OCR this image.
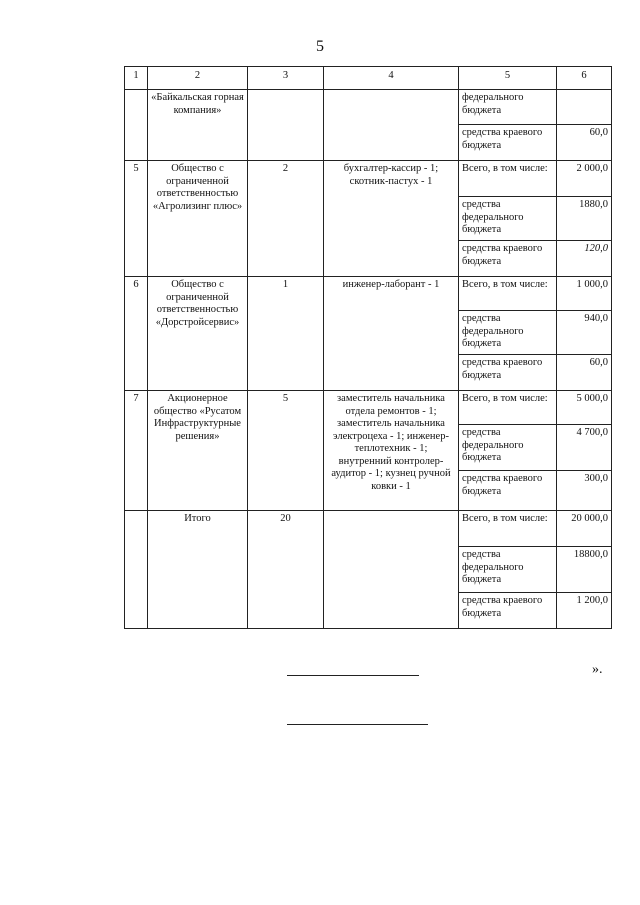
5
1	2	3	4	5	6
	«Байкальская горная компания»			федерального бюджета	
				средства краевого бюджета	60,0
5	Общество с ограниченной ответственностью «Агролизинг плюс»	2	бухгалтер-кассир - 1; скотник-пастух - 1	Всего, в том числе:	2 000,0
				средства федерального бюджета	1880,0
				средства краевого бюджета	120,0
6	Общество с ограниченной ответственностью «Дорстройсервис»	1	инженер-лаборант - 1	Всего, в том числе:	1 000,0
				средства федерального бюджета	940,0
				средства краевого бюджета	60,0
7	Акционерное общество «Русатом Инфраструктурные решения»	5	заместитель начальника отдела ремонтов - 1; заместитель начальника электроцеха - 1; инженер-теплотехник - 1; внутренний контролер-аудитор - 1; кузнец ручной ковки - 1	Всего, в том числе:	5 000,0
				средства федерального бюджета	4 700,0
				средства краевого бюджета	300,0
	Итого	20		Всего, в том числе:	20 000,0
				средства федерального бюджета	18800,0
				средства краевого бюджета	1 200,0
».
